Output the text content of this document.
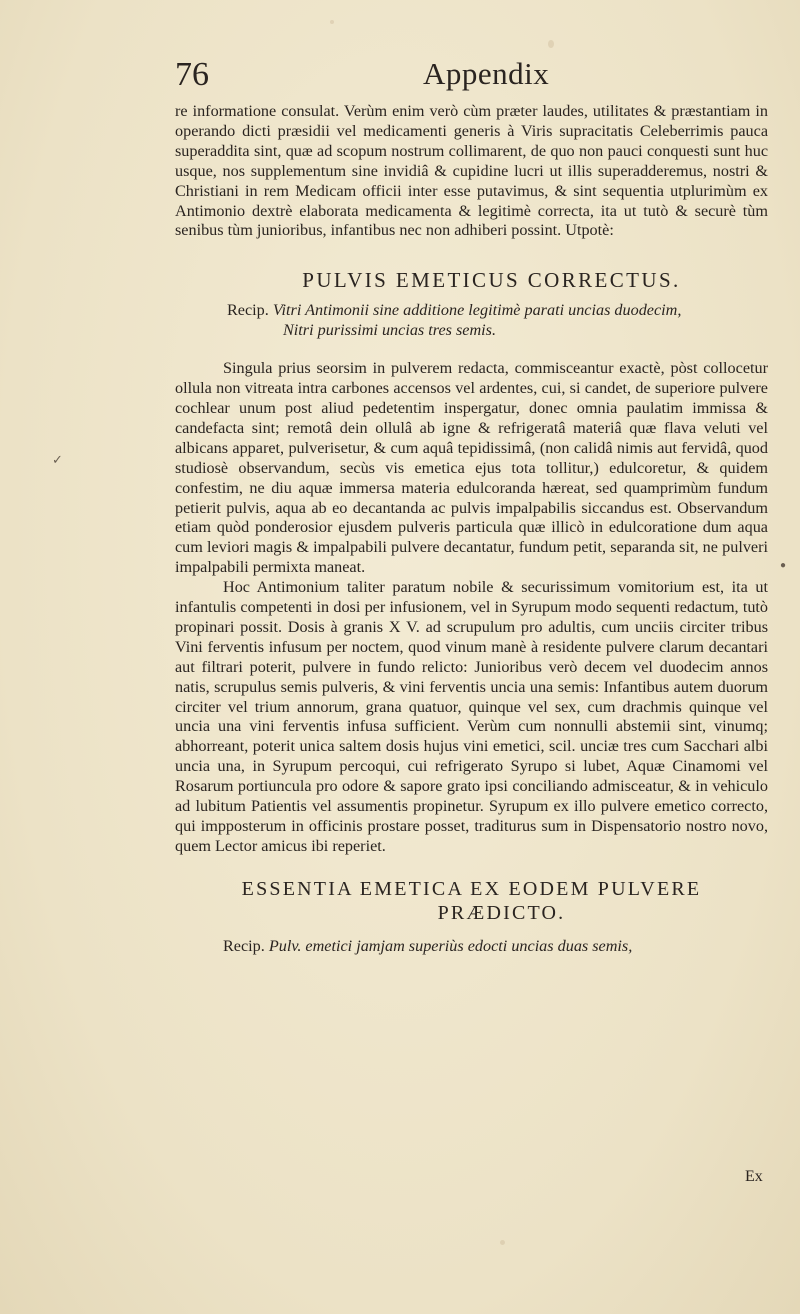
76	Appendix

re informatione consulat. Verùm enim verò cùm præter laudes, utilitates & præstantiam in operando dicti præsidii vel medicamenti generis à Viris supracitatis Celeberrimis pauca superaddita sint, quæ ad scopum nostrum collimarent, de quo non pauci conquesti sunt huc usque, nos supplementum sine invidiâ & cupidine lucri ut illis superadderemus, nostri & Christiani in rem Medicam officii inter esse putavimus, & sint sequentia utplurimùm ex Antimonio dextrè elaborata medicamenta & legitimè correcta, ita ut tutò & securè tùm senibus tùm junioribus, infantibus nec non adhiberi possint. Utpotè:

PULVIS EMETICUS CORRECTUS.
Recip. Vitri Antimonii sine additione legitimè parati uncias duodecim,
Nitri purissimi uncias tres semis.

Singula prius seorsim in pulverem redacta, commisceantur exactè, pòst collocetur ollula non vitreata intra carbones accensos vel ardentes, cui, si candet, de superiore pulvere cochlear unum post aliud pedetentim inspergatur, donec omnia paulatim immissa & candefacta sint; remotâ dein ollulâ ab igne & refrigeratâ materiâ quæ flava veluti vel albicans apparet, pulverisetur, & cum aquâ tepidissimâ, (non calidâ nimis aut fervidâ, quod studiosè observandum, secùs vis emetica ejus tota tollitur,) edulcoretur, & quidem confestim, ne diu aquæ immersa materia edulcoranda hæreat, sed quamprimùm fundum petierit pulvis, aqua ab eo decantanda ac pulvis impalpabilis siccandus est. Observandum etiam quòd ponderosior ejusdem pulveris particula quæ illicò in edulcoratione dum aqua cum leviori magis & impalpabili pulvere decantatur, fundum petit, separanda sit, ne pulveri impalpabili permixta maneat.

Hoc Antimonium taliter paratum nobile & securissimum vomitorium est, ita ut infantulis competenti in dosi per infusionem, vel in Syrupum modo sequenti redactum, tutò propinari possit. Dosis à granis X V. ad scrupulum pro adultis, cum unciis circiter tribus Vini ferventis infusum per noctem, quod vinum manè à residente pulvere clarum decantari aut filtrari poterit, pulvere in fundo relicto: Junioribus verò decem vel duodecim annos natis, scrupulus semis pulveris, & vini ferventis uncia una semis: Infantibus autem duorum circiter vel trium annorum, grana quatuor, quinque vel sex, cum drachmis quinque vel uncia una vini ferventis infusa sufficient. Verùm cum nonnulli abstemii sint, vinumq; abhorreant, poterit unica saltem dosis hujus vini emetici, scil. unciæ tres cum Sacchari albi uncia una, in Syrupum percoqui, cui refrigerato Syrupo si lubet, Aquæ Cinamomi vel Rosarum portiuncula pro odore & sapore grato ipsi conciliando admisceatur, & in vehiculo ad lubitum Patientis vel assumentis propinetur. Syrupum ex illo pulvere emetico correcto, qui impposterum in officinis prostare posset, traditurus sum in Dispensatorio nostro novo, quem Lector amicus ibi reperiet.

ESSENTIA EMETICA EX EODEM PULVERE
PRÆDICTO.
Recip. Pulv. emetici jamjam superiùs edocti uncias duas semis,
Ex
✓
●
